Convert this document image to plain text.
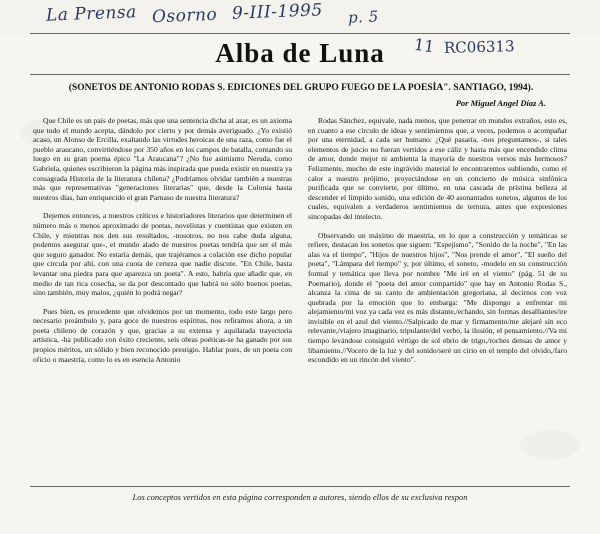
La Prensa Osorno 9-III-1995 p. 5
Alba de Luna	11 RC06313
(SONETOS DE ANTONIO RODAS S. EDICIONES DEL GRUPO FUEGO DE LA POESÍA". SANTIAGO, 1994).
Por Miguel Angel Díaz A.

Que Chile es un país de poetas, más que una sentencia dicha al azar, es un axioma que todo el mundo acepta, dándolo por cierto y por demás averiguado. ¿Yo existió acaso, un Alonso de Ercilla, exaltando las virtudes heroicas de una raza, como fue el pueblo araucano, convirtiéndose por 350 años en los campos de batalla, contando su luego en su gran poema épico "La Araucana"? ¿No fue asimismo Neruda, como Gabriela, quienes escribieron la página más inspirada que pueda existir en nuestra ya consagrada Historia de la literatura chilena? ¿Podríamos olvidar también a nuestras más que representativas "generaciones literarias" que, desde la Colonia hasta nuestros días, han enriquecido el gran Parnaso de nuestra literatura?

Dejemos entonces, a nuestros críticos e historiadores literarios que determinen el número más o menos aproximado de poetas, novelistas y cuentistas que existen en Chile, y mientras nos den sus resultados, -nosotros, no nos cabe duda alguna, podemos asegurar que-, el mundo alado de nuestros poetas tendría que ser el más que seguro ganador. No estaría demás, que trajéramos a colación ese dicho popular que circula por ahí, con una cuota de certeza que nadie discute. "En Chile, basta levantar una piedra para que aparezca un poeta". A esto, habría que añadir que, en medio de tan rica cosecha, se da por descontado que habrá no sólo buenos poetas, sino también, muy malos, ¿quién lo podrá negar?

Pues bien, es procedente que olvidemos por un momento, todo este largo pero necesario preámbulo y, para goce de nuestros espíritus, nos refiramos ahora, a un poeta chileno de corazón y que, gracias a su extensa y aquilatada trayectoria artística, -ha publicado con éxito creciente, seis obras poéticas-se ha ganado por sus propios méritos, un sólido y bien reconocido prestigio. Hablar pues, de un poeta con oficio o maestría, como lo es en esencia Antonio

Rodas Sánchez, equivale, nada menos, que penetrar en mundos extraños, esto es, en cuanto a ese círculo de ideas y sentimientos que, a veces, podemos o acompañar por una eternidad, a cada ser humano: ¿Qué pasaría, -nos preguntamos-, si tales elementos de juicio no fueran vertidos a ese cáliz y hasta más que encendido clima de amor, donde mejor ni ambienta la mayoría de nuestros versos más hermosos? Felizmente, mucho de este ingrávido material le encontraremos subliendo, como el calor a nuestro prójimo, proyectándose en un concierto de música sinfónica purificada que se convierte, por último, en una cascada de prístina belleza al descender el límpido sonido, una edición de 40 asonantados sonetos, algunos de los cuales, equivalen a verdaderos sentimientos de ternura, antes que expresiones sincopadas del intelecto.

Observando un máximo de maestría, en lo que a construcción y temáticas se refiere, destacan los sonetos que siguen: "Espejismo", "Sonido de la noche", "En las alas va el tiempo", "Hijos de nuestros hijos", "Nos prende el amor", "El sueño del poeta", "Lámpara del tiempo" y, por último, el soneto, -modelo en su construcción formal y temática que lleva por nombre "Me iré en el viento" (pág. 51 de su Poemario), donde el "poeta del amor compartido" que hay en Antonio Rodas S., alcanza la cima de su canto de ambientación gregoriana, al decirnos con voz quebrada por la emoción que lo embarga: "Me dispongo a enfrentar mi alejamiento/mi voz ya cada vez es más distante,/echando, sin formas desalliantes/ire invisible en el azul del viento.//Salpicado de mar y firmamento/me alejaré sin eco relevante,/viajero imaginario, tripulante/del verbo, la ilusión, el pensamiento.//Va mi tiempo levándose consiguió vértigo de sol ebrio de trigo,/roches densas de amor y libamiento.//Vocero de la luz y del sonido/seré un cirio en el templo del olvido,/faro escondido en un rincón del viento".

Los conceptos vertidos en esta página corresponden a autores, siendo ellos de su exclusiva respon
